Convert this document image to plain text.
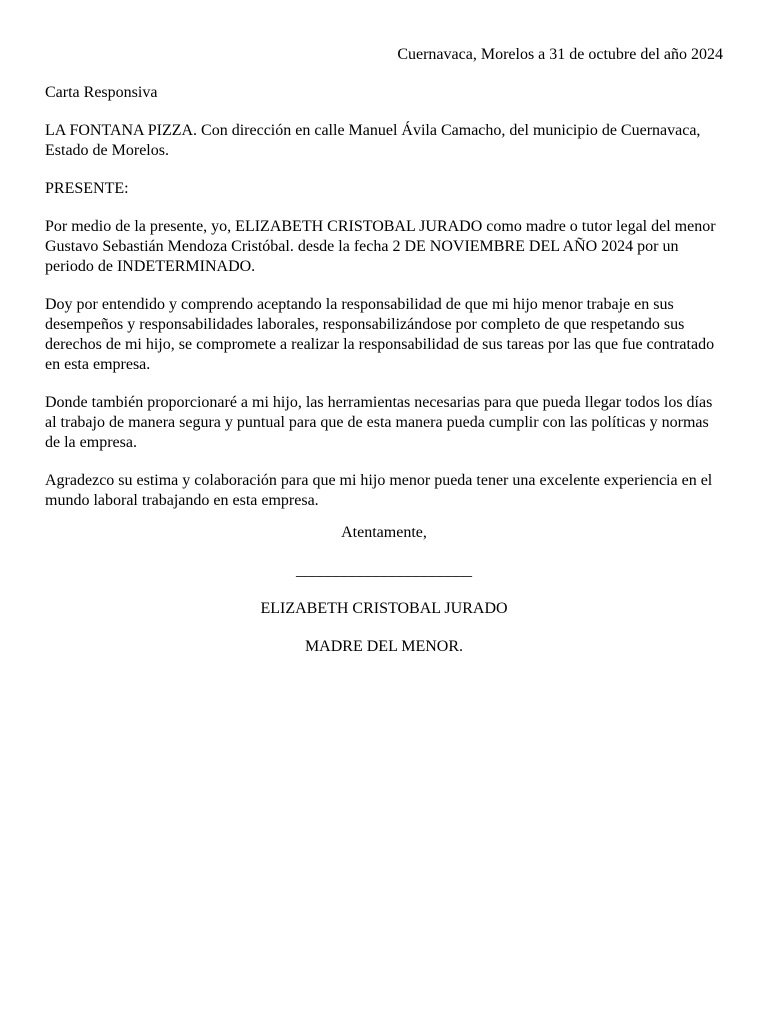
Cuernavaca, Morelos a 31 de octubre del año 2024

Carta Responsiva

LA FONTANA PIZZA. Con dirección en calle Manuel Ávila Camacho, del municipio de Cuernavaca, Estado de Morelos.

PRESENTE:

Por medio de la presente, yo, ELIZABETH CRISTOBAL JURADO como madre o tutor legal del menor Gustavo Sebastián Mendoza Cristóbal. desde la fecha 2 DE NOVIEMBRE DEL AÑO 2024 por un periodo de INDETERMINADO.

Doy por entendido y comprendo aceptando la responsabilidad de que mi hijo menor trabaje en sus desempeños y responsabilidades laborales, responsabilizándose por completo de que respetando sus derechos de mi hijo, se compromete a realizar la responsabilidad de sus tareas por las que fue contratado en esta empresa.

Donde también proporcionaré a mi hijo, las herramientas necesarias para que pueda llegar todos los días al trabajo de manera segura y puntual para que de esta manera pueda cumplir con las políticas y normas de la empresa.

Agradezco su estima y colaboración para que mi hijo menor pueda tener una excelente experiencia en el mundo laboral trabajando en esta empresa.

Atentamente,

______________________

ELIZABETH CRISTOBAL JURADO

MADRE DEL MENOR.
